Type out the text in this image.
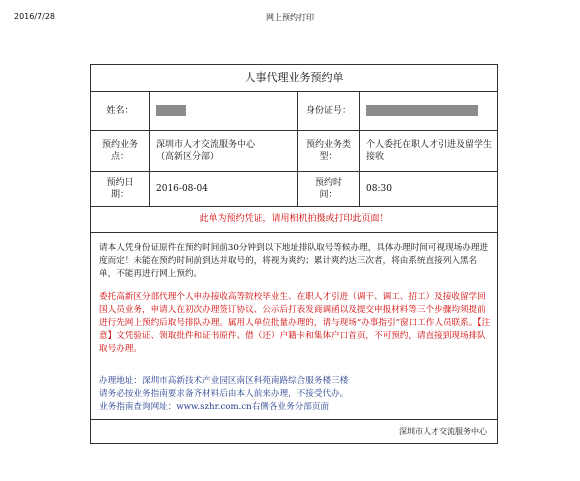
2016/7/28	网上预约打印
人事代理业务预约单
姓名：	身份证号：
预约业务点：
深圳市人才交流服务中心
（高新区分部）
预约业务类型：
个人委托在职人才引进及留学生接收
预约日期：
2016-08-04
预约时间：
08:30
此单为预约凭证，请用相机拍摄或打印此页面！

请本人凭身份证原件在预约时间前30分钟到以下地址排队取号等候办理，具体办理时间可视现场办理进度而定！未能在预约时间前到达并取号的，将视为爽约；累计爽约达三次者，将由系统直接列入黑名单，不能再进行网上预约。

委托高新区分部代理个人申办接收高等院校毕业生、在职人才引进（调干、调工、招工）及接收留学回国人员业务，申请人在初次办理签订协议、公示后打表发商调函以及提交申报材料等三个步骤均须提前进行先网上预约后取号排队办理。属用人单位批量办理的，请与现场“办事指引”窗口工作人员联系。【注意】文凭验证、领取批件和证书原件、借（还）户籍卡和集体户口首页，不可预约，请直接到现场排队取号办理。

办理地址：深圳市高新技术产业园区南区科苑南路综合服务楼三楼

请务必按业务指南要求备齐材料后由本人前来办理，不接受代办。

业务指南查询网址：www.szhr.com.cn右侧各业务分部页面

深圳市人才交流服务中心
